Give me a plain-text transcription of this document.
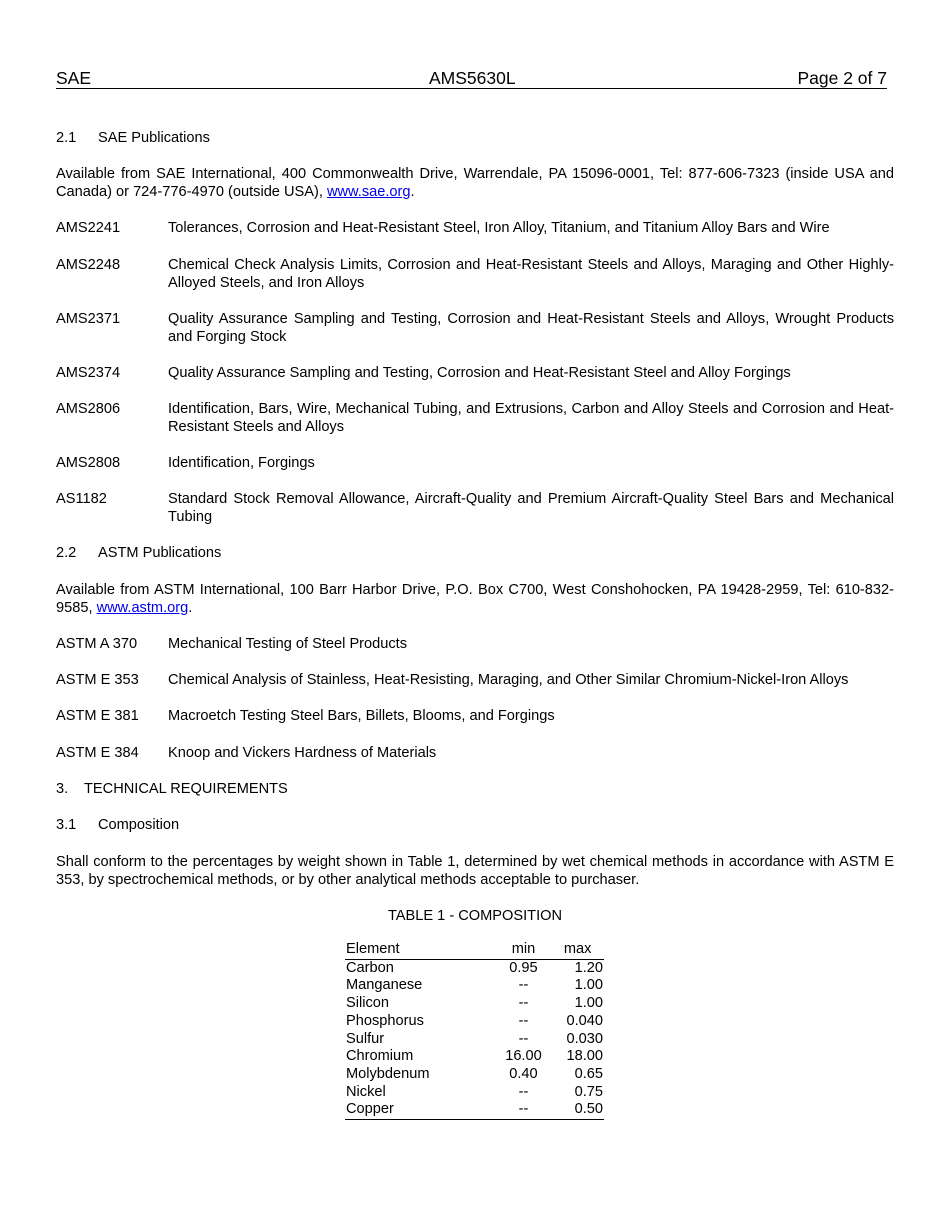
SAE	AMS5630L	Page 2 of 7
2.1 SAE Publications
Available from SAE International, 400 Commonwealth Drive, Warrendale, PA 15096-0001, Tel: 877-606-7323 (inside USA and Canada) or 724-776-4970 (outside USA), www.sae.org.
AMS2241	Tolerances, Corrosion and Heat-Resistant Steel, Iron Alloy, Titanium, and Titanium Alloy Bars and Wire
AMS2248	Chemical Check Analysis Limits, Corrosion and Heat-Resistant Steels and Alloys, Maraging and Other Highly-Alloyed Steels, and Iron Alloys
AMS2371	Quality Assurance Sampling and Testing, Corrosion and Heat-Resistant Steels and Alloys, Wrought Products and Forging Stock
AMS2374	Quality Assurance Sampling and Testing, Corrosion and Heat-Resistant Steel and Alloy Forgings
AMS2806	Identification, Bars, Wire, Mechanical Tubing, and Extrusions, Carbon and Alloy Steels and Corrosion and Heat-Resistant Steels and Alloys
AMS2808	Identification, Forgings
AS1182	Standard Stock Removal Allowance, Aircraft-Quality and Premium Aircraft-Quality Steel Bars and Mechanical Tubing
2.2 ASTM Publications
Available from ASTM International, 100 Barr Harbor Drive, P.O. Box C700, West Conshohocken, PA 19428-2959, Tel: 610-832-9585, www.astm.org.
ASTM A 370	Mechanical Testing of Steel Products
ASTM E 353	Chemical Analysis of Stainless, Heat-Resisting, Maraging, and Other Similar Chromium-Nickel-Iron Alloys
ASTM E 381	Macroetch Testing Steel Bars, Billets, Blooms, and Forgings
ASTM E 384	Knoop and Vickers Hardness of Materials
3. TECHNICAL REQUIREMENTS
3.1 Composition
Shall conform to the percentages by weight shown in Table 1, determined by wet chemical methods in accordance with ASTM E 353, by spectrochemical methods, or by other analytical methods acceptable to purchaser.
TABLE 1 - COMPOSITION
Element	min	max
Carbon	0.95	1.20
Manganese	--	1.00
Silicon	--	1.00
Phosphorus	--	0.040
Sulfur	--	0.030
Chromium	16.00	18.00
Molybdenum	0.40	0.65
Nickel	--	0.75
Copper	--	0.50
